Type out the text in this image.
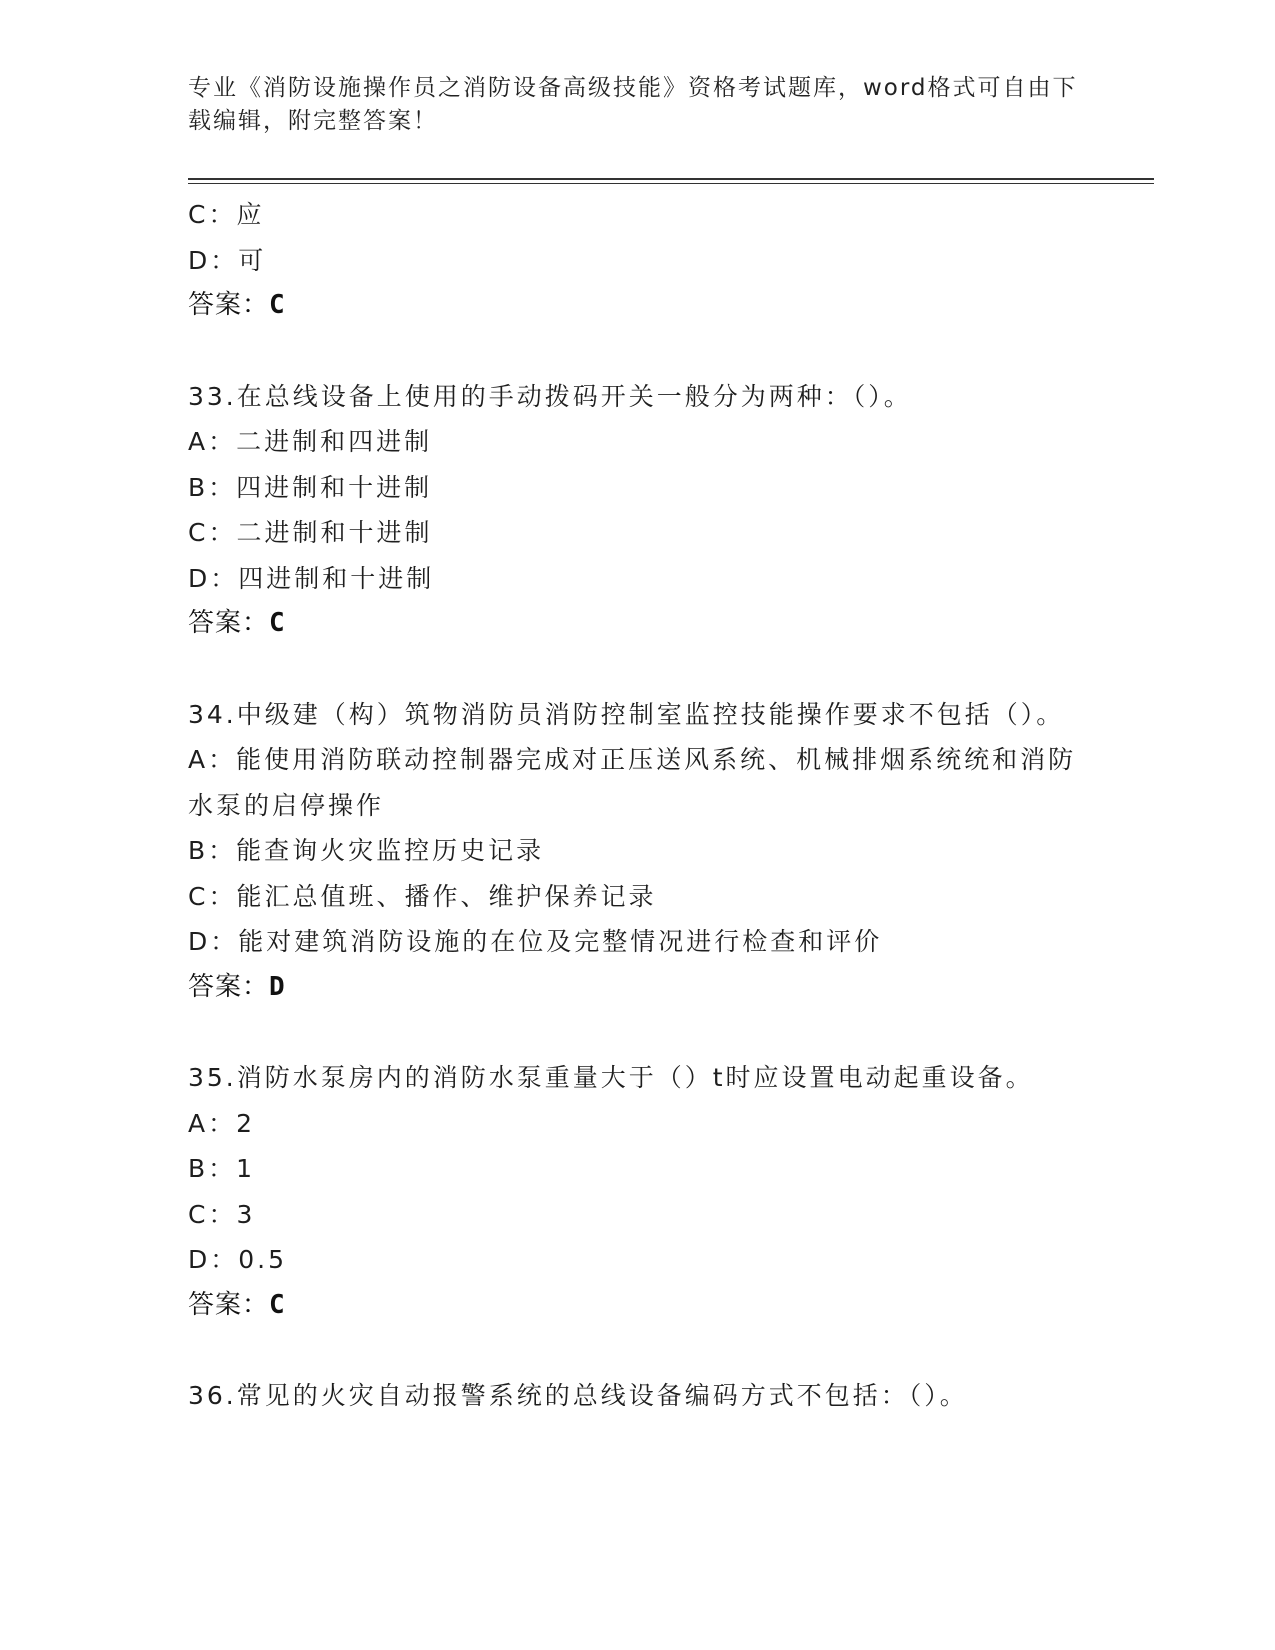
专业《消防设施操作员之消防设备高级技能》资格考试题库，word格式可自由下载编辑，附完整答案！
C：应
D：可
答案：C
33.在总线设备上使用的手动拨码开关一般分为两种：（）。
A：二进制和四进制
B：四进制和十进制
C：二进制和十进制
D：四进制和十进制
答案：C
34.中级建（构）筑物消防员消防控制室监控技能操作要求不包括（）。
A：能使用消防联动控制器完成对正压送风系统、机械排烟系统统和消防水泵的启停操作
B：能查询火灾监控历史记录
C：能汇总值班、播作、维护保养记录
D：能对建筑消防设施的在位及完整情况进行检查和评价
答案：D
35.消防水泵房内的消防水泵重量大于（）t时应设置电动起重设备。
A：2
B：1
C：3
D：0.5
答案：C
36.常见的火灾自动报警系统的总线设备编码方式不包括：（）。
